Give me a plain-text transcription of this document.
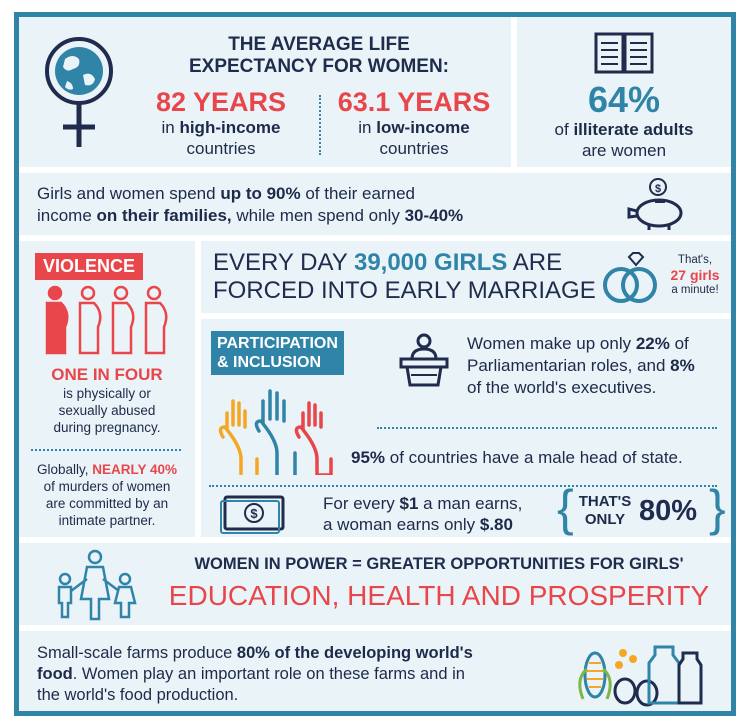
THE AVERAGE LIFE
EXPECTANCY FOR WOMEN:
82 YEARS
in high-income
countries
63.1 YEARS
in low-income
countries
64%
of illiterate adults
are women
Girls and women spend up to 90% of their earned
income on their families, while men spend only 30-40%
$
VIOLENCE
ONE IN FOUR
is physically or
sexually abused
during pregnancy.
Globally, NEARLY 40%
of murders of women
are committed by an
intimate partner.
EVERY DAY 39,000 GIRLS ARE
FORCED INTO EARLY MARRIAGE
That's,
27 girls
a minute!
PARTICIPATION
& INCLUSION
Women make up only 22% of
Parliamentarian roles, and 8%
of the world's executives.
95% of countries have a male head of state.
$
For every $1 a man earns,
a woman earns only $.80 { THAT'S
ONLY 80% }
WOMEN IN POWER = GREATER OPPORTUNITIES FOR GIRLS'
EDUCATION, HEALTH AND PROSPERITY
Small-scale farms produce 80% of the developing world's
food. Women play an important role on these farms and in
the world's food production.
